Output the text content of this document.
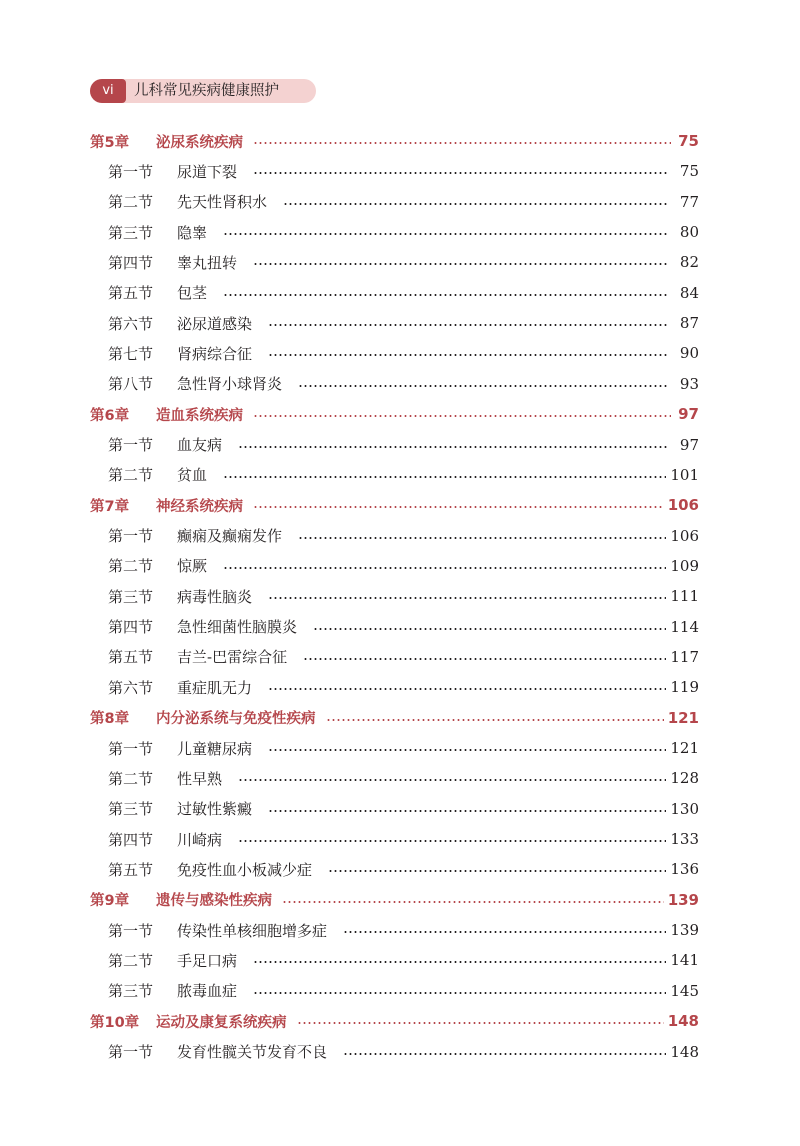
vi	儿科常见疾病健康照护
第5章	泌尿系统疾病	75
第一节	尿道下裂	75
第二节	先天性肾积水	77
第三节	隐睾	80
第四节	睾丸扭转	82
第五节	包茎	84
第六节	泌尿道感染	87
第七节	肾病综合征	90
第八节	急性肾小球肾炎	93
第6章	造血系统疾病	97
第一节	血友病	97
第二节	贫血	101
第7章	神经系统疾病	106
第一节	癫痫及癫痫发作	106
第二节	惊厥	109
第三节	病毒性脑炎	111
第四节	急性细菌性脑膜炎	114
第五节	吉兰-巴雷综合征	117
第六节	重症肌无力	119
第8章	内分泌系统与免疫性疾病	121
第一节	儿童糖尿病	121
第二节	性早熟	128
第三节	过敏性紫癜	130
第四节	川崎病	133
第五节	免疫性血小板减少症	136
第9章	遗传与感染性疾病	139
第一节	传染性单核细胞增多症	139
第二节	手足口病	141
第三节	脓毒血症	145
第10章	运动及康复系统疾病	148
第一节	发育性髋关节发育不良	148
